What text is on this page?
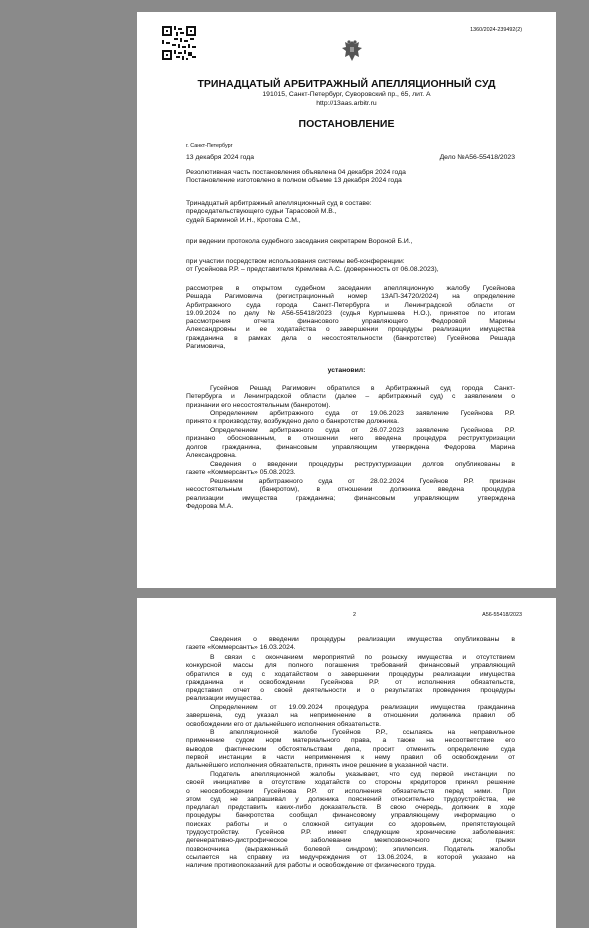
1360/2024-239492(2)
ТРИНАДЦАТЫЙ АРБИТРАЖНЫЙ АПЕЛЛЯЦИОННЫЙ СУД
191015, Санкт-Петербург, Суворовский пр., 65, лит. А
http://13aas.arbitr.ru
ПОСТАНОВЛЕНИЕ
г. Санкт-Петербург
13 декабря 2024 года	Дело №А56-55418/2023
Резолютивная часть постановления объявлена 04 декабря 2024 года
Постановление изготовлено в полном объеме 13 декабря 2024 года
Тринадцатый арбитражный апелляционный суд в составе:
председательствующего судьи Тарасовой М.В.,
судей Барминой И.Н., Кротова С.М.,
при ведении протокола судебного заседания секретарем Вороной Б.И.,
при участии посредством использования системы веб-конференции:
от Гусейнова Р.Р. – представителя Кремлева А.С. (доверенность от 06.08.2023),
рассмотрев в открытом судебном заседании апелляционную жалобу Гусейнова
Решада Рагимовича (регистрационный номер 13АП-34720/2024) на определение
Арбитражного суда города Санкт-Петербурга и Ленинградской области от
19.09.2024 по делу №А56-55418/2023 (судья Курлышева Н.О.), принятое по итогам
рассмотрения отчета финансового управляющего Федоровой Марины
Александровны и ее ходатайства о завершении процедуры реализации имущества
гражданина в рамках дела о несостоятельности (банкротстве) Гусейнова Решада
Рагимовича,
установил:
Гусейнов Решад Рагимович обратился в Арбитражный суд города Санкт-
Петербурга и Ленинградской области (далее – арбитражный суд) с заявлением о
признании его несостоятельным (банкротом).
Определением арбитражного суда от 19.06.2023 заявление Гусейнова Р.Р.
принято к производству, возбуждено дело о банкротстве должника.
Определением арбитражного суда от 26.07.2023 заявление Гусейнова Р.Р.
признано обоснованным, в отношении него введена процедура реструктуризации
долгов гражданина, финансовым управляющим утверждена Федорова Марина
Александровна.
Сведения о введении процедуры реструктуризации долгов опубликованы в
газете «Коммерсантъ» 05.08.2023.
Решением арбитражного суда от 28.02.2024 Гусейнов Р.Р. признан
несостоятельным (банкротом), в отношении должника введена процедура
реализации имущества гражданина; финансовым управляющим утверждена
Федорова М.А.
2	А56-55418/2023
Сведения о введении процедуры реализации имущества опубликованы в
газете «Коммерсантъ» 16.03.2024.
В связи с окончанием мероприятий по розыску имущества и отсутствием
конкурсной массы для полного погашения требований финансовый управляющий
обратился в суд с ходатайством о завершении процедуры реализации имущества
гражданина и освобождении Гусейнова Р.Р. от исполнения обязательств,
представил отчет о своей деятельности и о результатах проведения процедуры
реализации имущества.
Определением от 19.09.2024 процедура реализации имущества гражданина
завершена, суд указал на неприменение в отношении должника правил об
освобождении его от дальнейшего исполнения обязательств.
В апелляционной жалобе Гусейнов Р.Р., ссылаясь на неправильное
применение судом норм материального права, а также на несоответствие его
выводов фактическим обстоятельствам дела, просит отменить определение суда
первой инстанции в части неприменения к нему правил об освобождении от
дальнейшего исполнения обязательств, принять иное решение в указанной части.
Податель апелляционной жалобы указывает, что суд первой инстанции по
своей инициативе в отсутствие ходатайств со стороны кредиторов принял решение
о неосвобождении Гусейнова Р.Р. от исполнения обязательств перед ними. При
этом суд не запрашивал у должника пояснений относительно трудоустройства, не
предлагал представить каких-либо доказательств. В свою очередь, должник в ходе
процедуры банкротства сообщал финансовому управляющему информацию о
поисках работы и о сложной ситуации со здоровьем, препятствующей
трудоустройству. Гусейнов Р.Р. имеет следующие хронические заболевания:
дегенеративно-дистрофическое заболевание межпозвоночного диска; грыжи
позвоночника (выраженный болевой синдром); эпилепсия. Податель жалобы
ссылается на справку из медучреждения от 13.06.2024, в которой указано на
наличие противопоказаний для работы и освобождение от физического труда.
